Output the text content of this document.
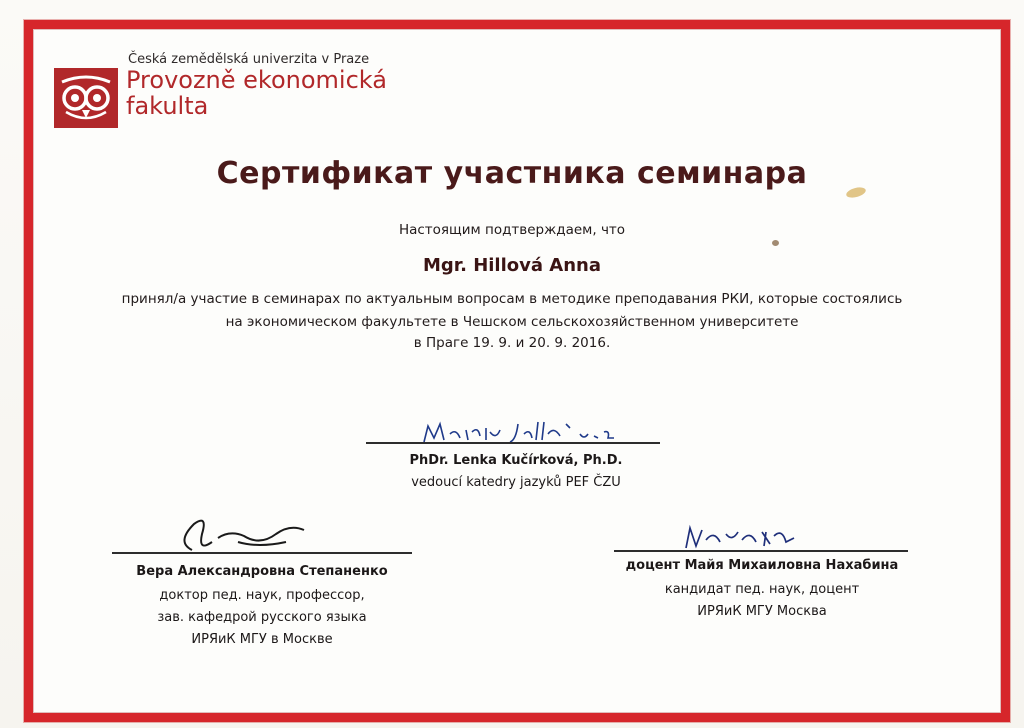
Česká zemědělská univerzita v Praze
Provozně ekonomická
fakulta
Сертификат участника семинара
Настоящим подтверждаем, что
Mgr. Hillová Anna
принял/а участие в семинарах по актуальным вопросам в методике преподавания РКИ, которые состоялись
на экономическом факультете в Чешском сельскохозяйственном университете
в Праге 19. 9. и 20. 9. 2016.
PhDr. Lenka Kučírková, Ph.D.
vedoucí katedry jazyků PEF ČZU
Вера Александровна Степаненко
доктор пед. наук, профессор,
зав. кафедрой русского языка
ИРЯиК МГУ в Москве
доцент Майя Михаиловна Нахабина
кандидат пед. наук, доцент
ИРЯиК МГУ Москва
